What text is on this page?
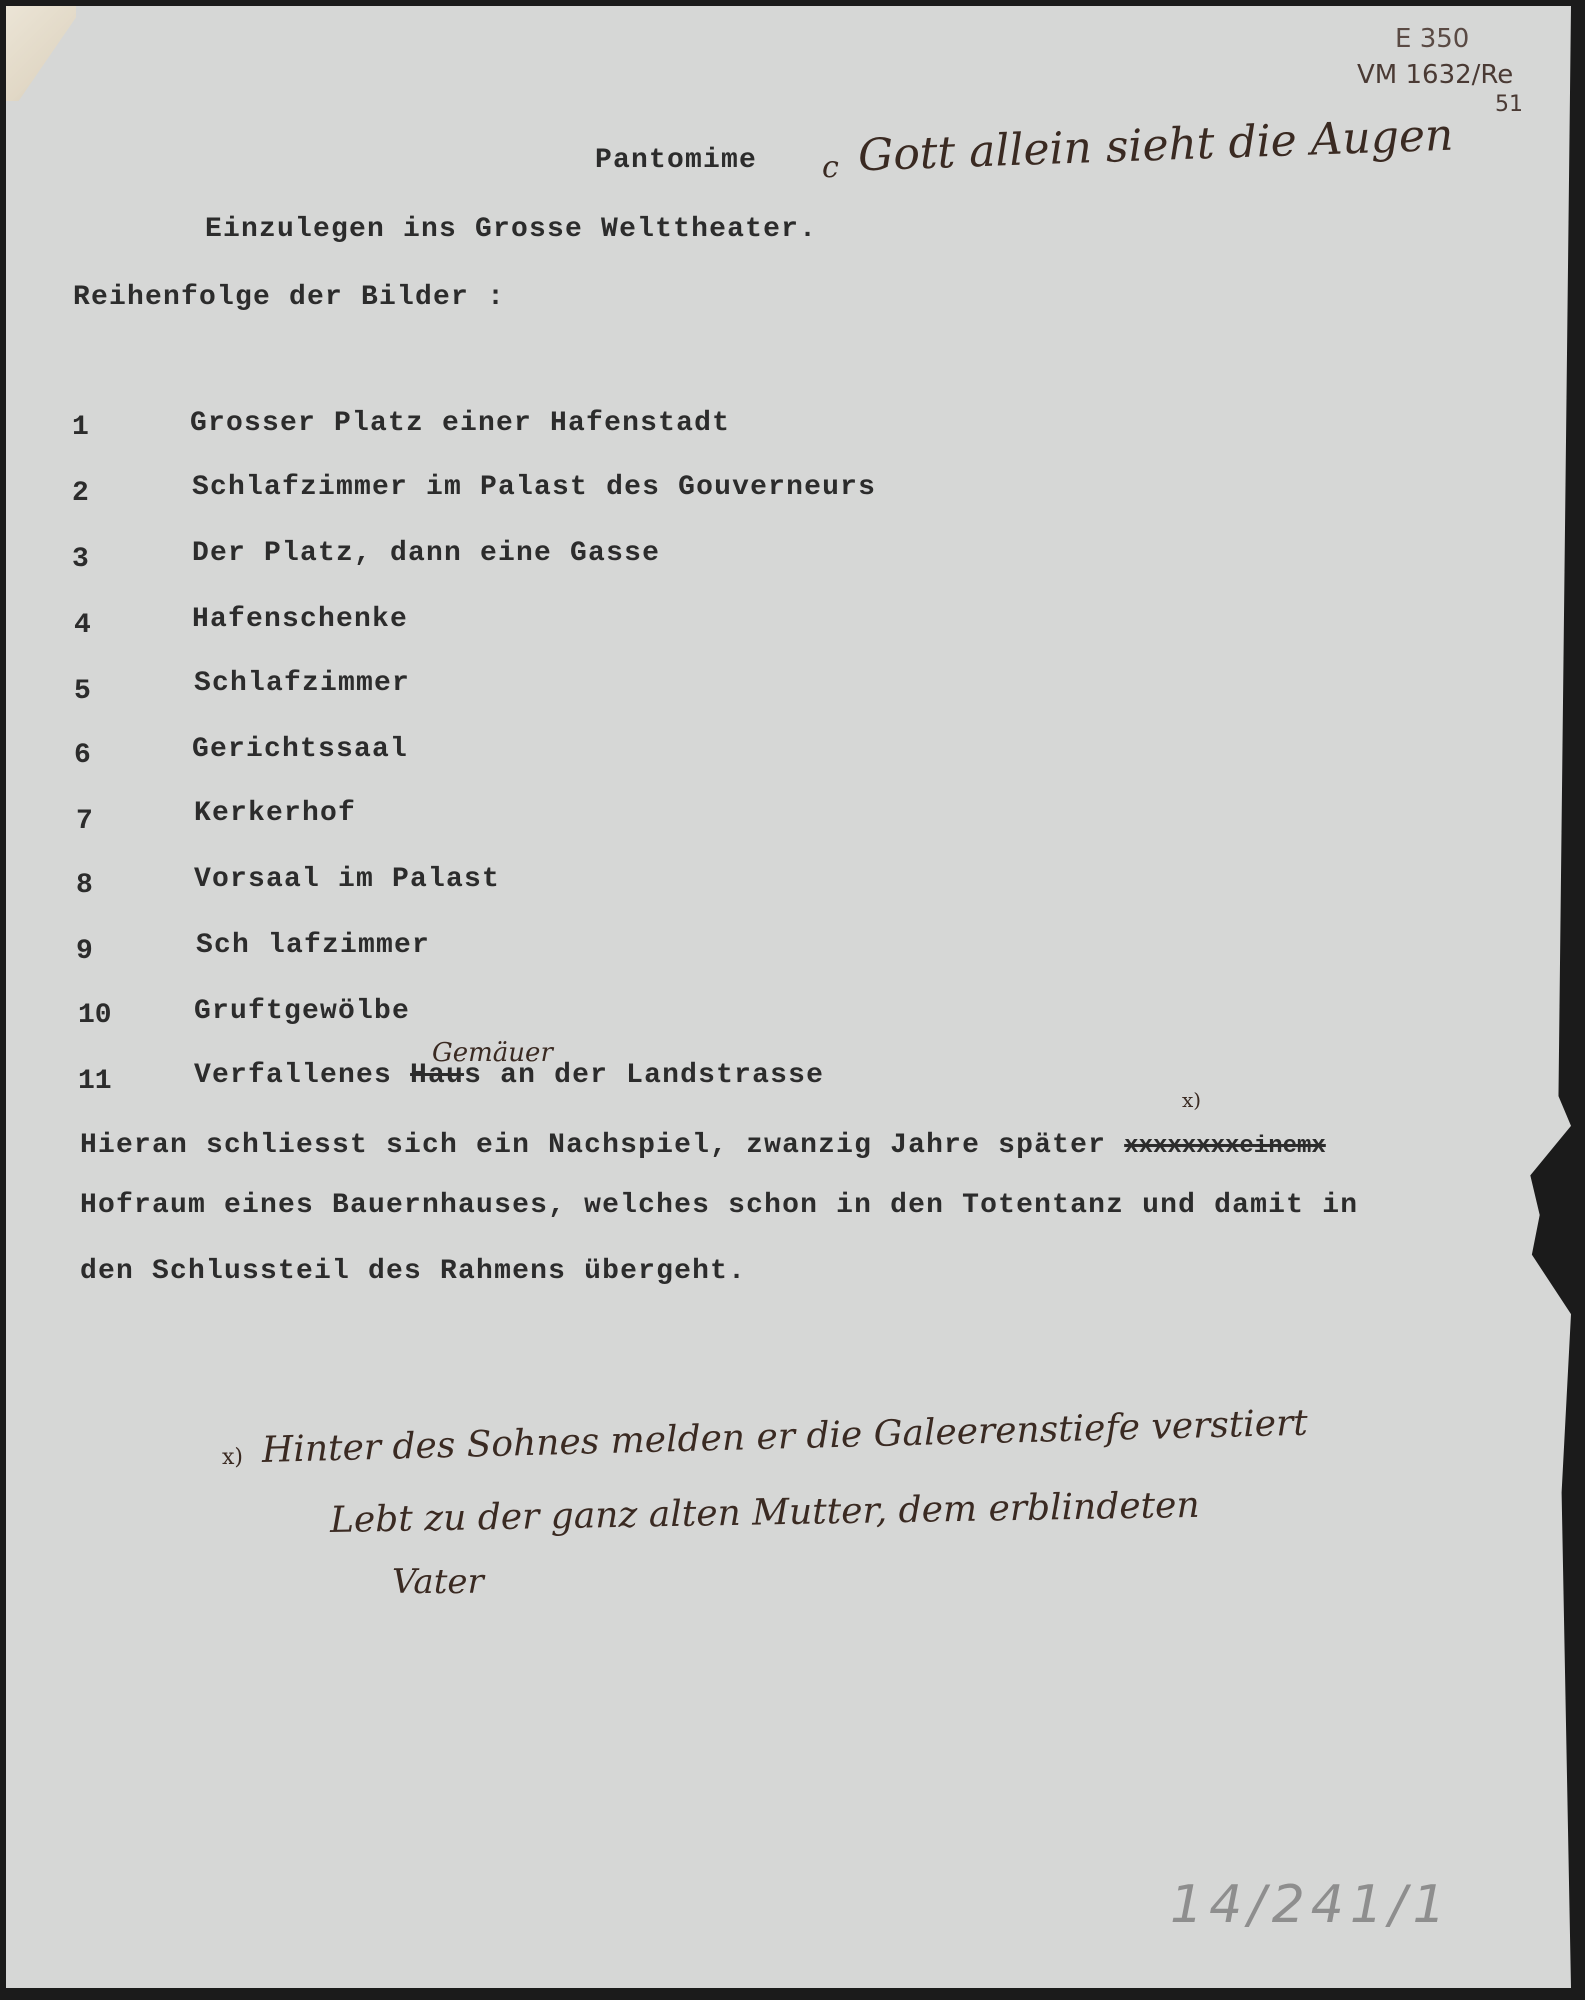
E 350
VM 1632/Re
51
Pantomime c Gott allein sieht die Augen
Einzulegen ins Grosse Welttheater.
Reihenfolge der Bilder :
1	Grosser Platz einer Hafenstadt
2	Schlafzimmer im Palast des Gouverneurs
3	Der Platz, dann eine Gasse
4	Hafenschenke
5	Schlafzimmer
6	Gerichtssaal
7	Kerkerhof
8	Vorsaal im Palast
9	Sch lafzimmer
10	Gruftgewölbe
11	Verfallenes Haus an der Landstrasse
Gemäuer
x)
Hieran schliesst sich ein Nachspiel, zwanzig Jahre später xxxxxxxxeinemx
Hofraum eines Bauernhauses, welches schon in den Totentanz und damit in
den Schlussteil des Rahmens übergeht.
x) Hinter des Sohnes melden er die Galeerenstiefe verstiert
Lebt zu der ganz alten Mutter, dem erblindeten
Vater
14/241/1
